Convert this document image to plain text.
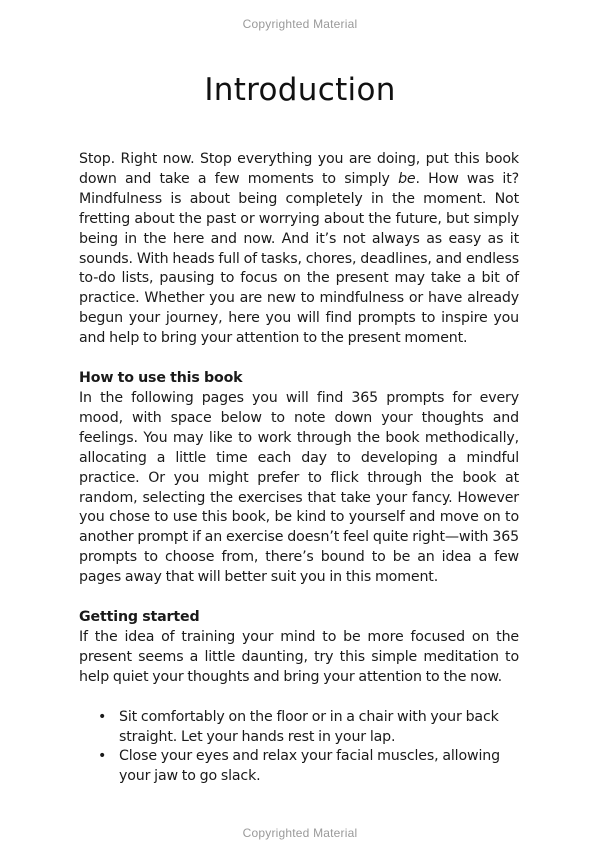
Copyrighted Material
Introduction

Stop. Right now. Stop everything you are doing, put this book down and take a few moments to simply be. How was it? Mindfulness is about being completely in the moment. Not fretting about the past or worrying about the future, but simply being in the here and now. And it’s not always as easy as it sounds. With heads full of tasks, chores, deadlines, and endless to-do lists, pausing to focus on the present may take a bit of practice. Whether you are new to mindfulness or have already begun your journey, here you will find prompts to inspire you and help to bring your attention to the present moment.

How to use this book

In the following pages you will find 365 prompts for every mood, with space below to note down your thoughts and feelings. You may like to work through the book methodically, allocating a little time each day to developing a mindful practice. Or you might prefer to flick through the book at random, selecting the exercises that take your fancy. However you chose to use this book, be kind to yourself and move on to another prompt if an exercise doesn’t feel quite right—with 365 prompts to choose from, there’s bound to be an idea a few pages away that will better suit you in this moment.

Getting started

If the idea of training your mind to be more focused on the present seems a little daunting, try this simple meditation to help quiet your thoughts and bring your attention to the now.

• Sit comfortably on the floor or in a chair with your back straight. Let your hands rest in your lap.
• Close your eyes and relax your facial muscles, allowing your jaw to go slack.
Copyrighted Material
